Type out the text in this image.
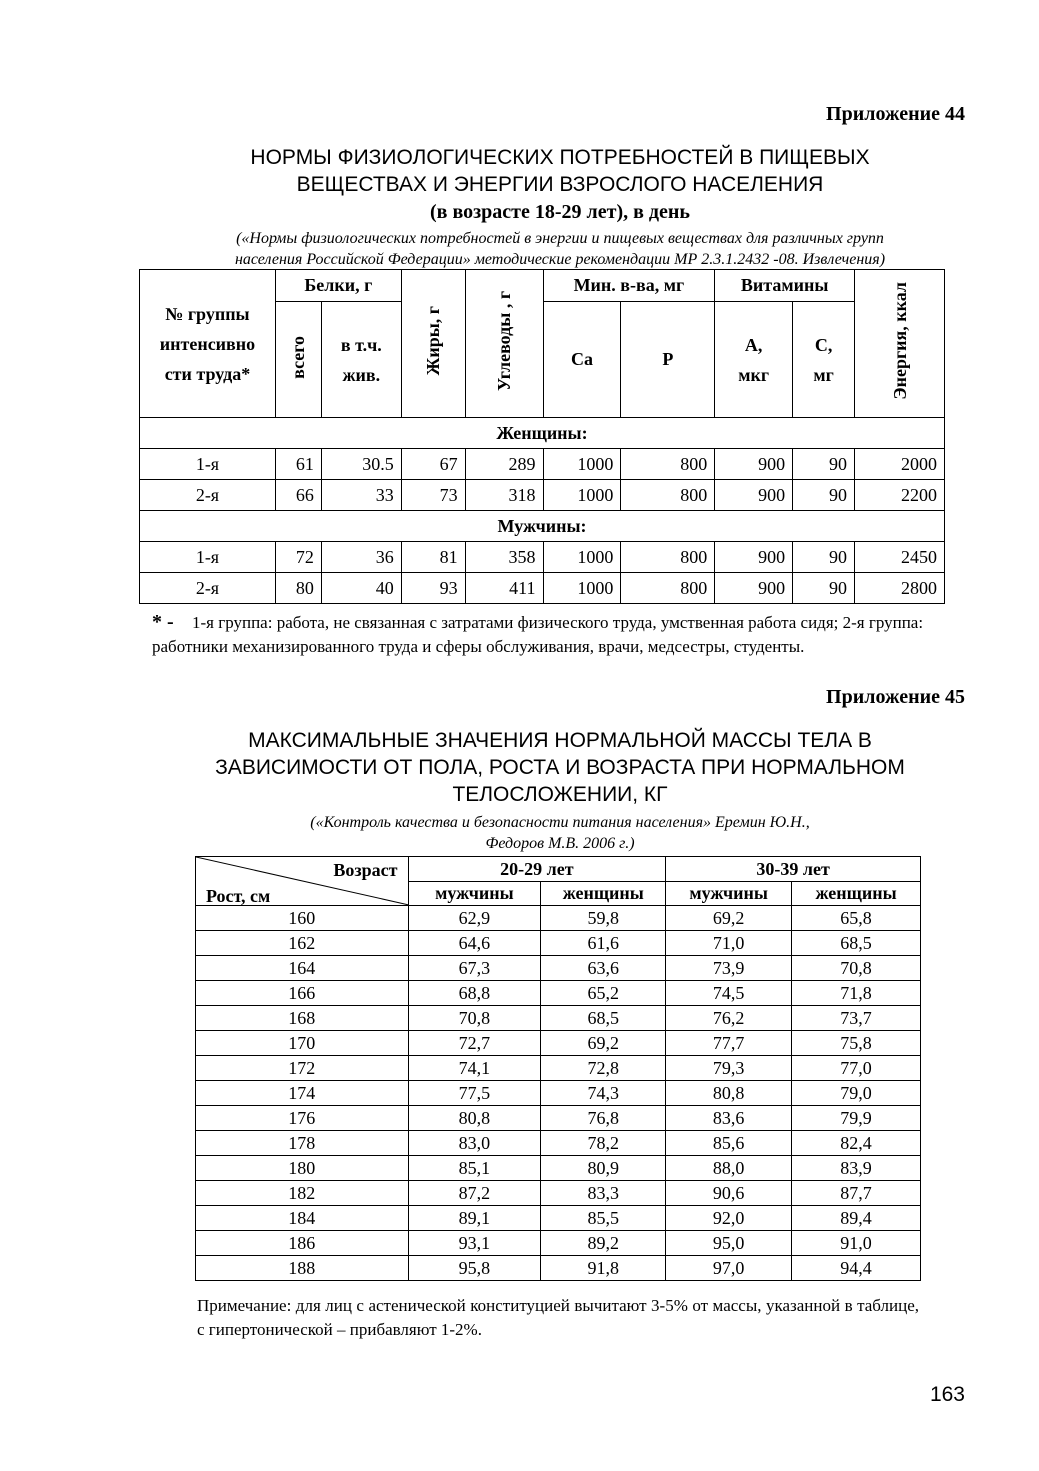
Приложение 44
НОРМЫ ФИЗИОЛОГИЧЕСКИХ ПОТРЕБНОСТЕЙ В ПИЩЕВЫХ
ВЕЩЕСТВАХ И ЭНЕРГИИ ВЗРОСЛОГО НАСЕЛЕНИЯ
(в возрасте 18-29 лет), в день
(«Нормы физиологических потребностей в энергии и пищевых веществах для различных групп
населения Российской Федерации» методические рекомендации МР 2.3.1.2432 -08. Извлечения)
№ группы интенсивно сти труда*	Белки, г		Жиры, г	Углеводы , г	Мин. в-ва, мг		Витамины		Энергия, ккал
	всего	в т.ч. жив.			Са	Р	А, мкг	С, мг	
Женщины:									
1-я	61	30.5	67	289	1000	800	900	90	2000
2-я	66	33	73	318	1000	800	900	90	2200
Мужчины:									
1-я	72	36	81	358	1000	800	900	90	2450
2-я	80	40	93	411	1000	800	900	90	2800
* - 1-я группа: работа, не связанная с затратами физического труда, умственная работа сидя; 2-я группа: работники механизированного труда и сферы обслуживания, врачи, медсестры, студенты.
Приложение 45
МАКСИМАЛЬНЫЕ ЗНАЧЕНИЯ НОРМАЛЬНОЙ МАССЫ ТЕЛА В
ЗАВИСИМОСТИ ОТ ПОЛА, РОСТА И ВОЗРАСТА ПРИ НОРМАЛЬНОМ
ТЕЛОСЛОЖЕНИИ, КГ
(«Контроль качества и безопасности питания населения» Еремин Ю.Н.,
Федоров М.В. 2006 г.)
Возраст
Рост, см	20-29 лет		30-39 лет	
	мужчины	женщины	мужчины	женщины
160	62,9	59,8	69,2	65,8
162	64,6	61,6	71,0	68,5
164	67,3	63,6	73,9	70,8
166	68,8	65,2	74,5	71,8
168	70,8	68,5	76,2	73,7
170	72,7	69,2	77,7	75,8
172	74,1	72,8	79,3	77,0
174	77,5	74,3	80,8	79,0
176	80,8	76,8	83,6	79,9
178	83,0	78,2	85,6	82,4
180	85,1	80,9	88,0	83,9
182	87,2	83,3	90,6	87,7
184	89,1	85,5	92,0	89,4
186	93,1	89,2	95,0	91,0
188	95,8	91,8	97,0	94,4
Примечание: для лиц с астенической конституцией вычитают 3-5% от массы, указанной в таблице, с гипертонической – прибавляют 1-2%.
163
